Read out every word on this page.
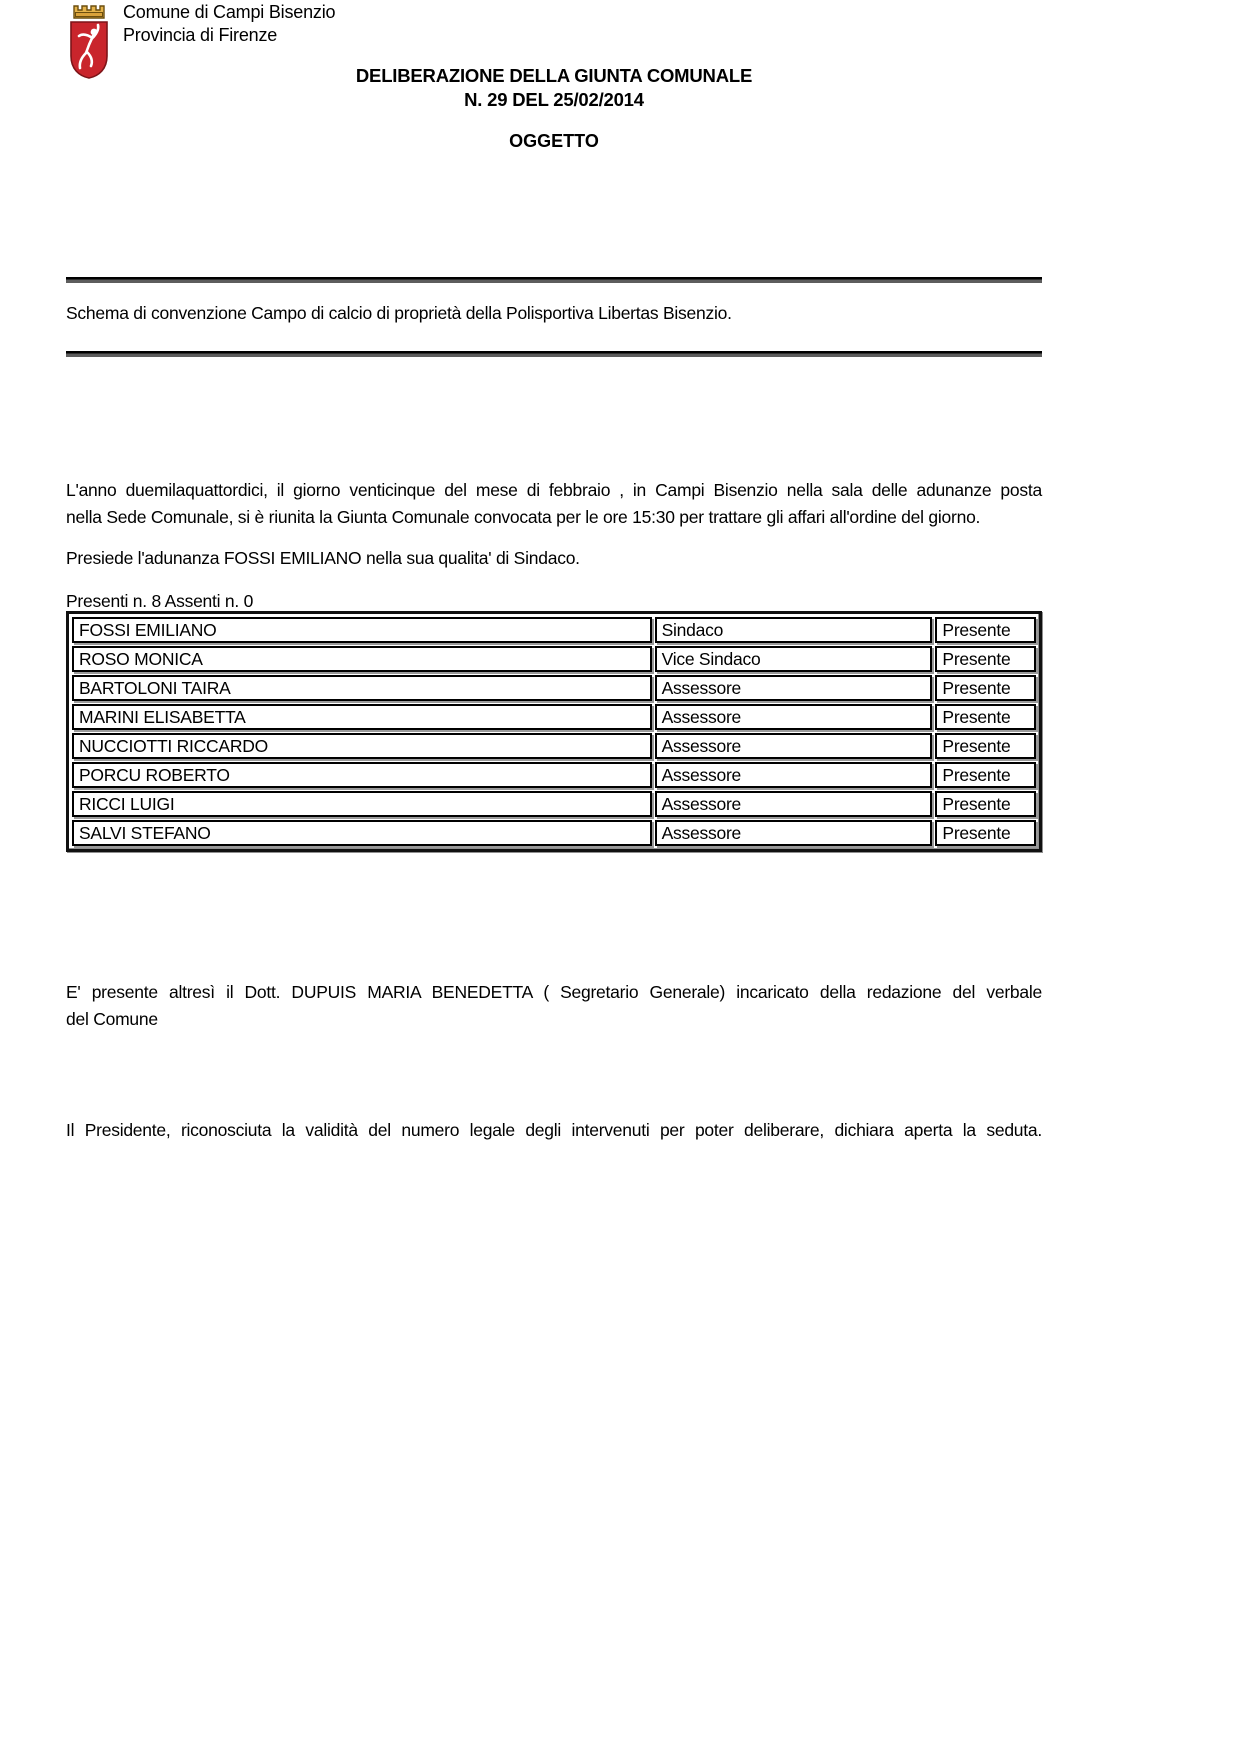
Comune di Campi Bisenzio
Provincia di Firenze
DELIBERAZIONE DELLA GIUNTA COMUNALE
N. 29 DEL 25/02/2014
OGGETTO
Schema di convenzione Campo di calcio di proprietà della Polisportiva Libertas Bisenzio.
L'anno duemilaquattordici, il giorno venticinque del mese di febbraio , in Campi Bisenzio nella sala delle adunanze posta
nella Sede Comunale, si è riunita la Giunta Comunale convocata per le ore 15:30 per trattare gli affari all'ordine del giorno.
Presiede l'adunanza FOSSI EMILIANO nella sua qualita' di Sindaco.
Presenti n. 8 Assenti n. 0
FOSSI EMILIANO	Sindaco	Presente
ROSO MONICA	Vice Sindaco	Presente
BARTOLONI TAIRA	Assessore	Presente
MARINI ELISABETTA	Assessore	Presente
NUCCIOTTI RICCARDO	Assessore	Presente
PORCU ROBERTO	Assessore	Presente
RICCI LUIGI	Assessore	Presente
SALVI STEFANO	Assessore	Presente
E' presente altresì il Dott. DUPUIS MARIA BENEDETTA ( Segretario Generale) incaricato della redazione del verbale
del Comune
Il Presidente, riconosciuta la validità del numero legale degli intervenuti per poter deliberare, dichiara aperta la seduta.
